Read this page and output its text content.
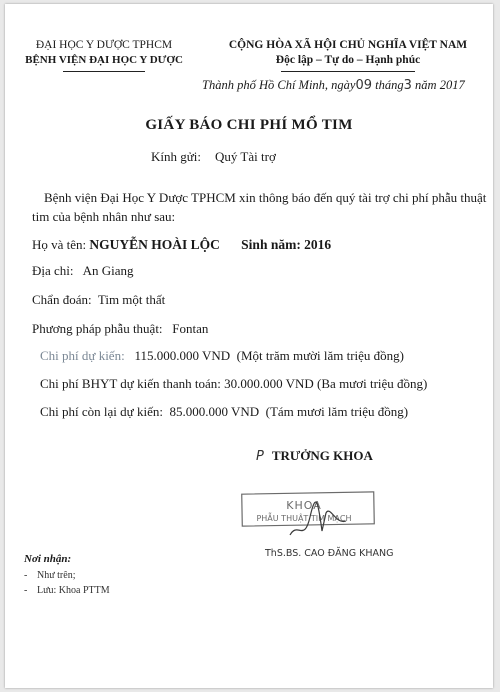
ĐẠI HỌC Y DƯỢC TPHCM
BỆNH VIỆN ĐẠI HỌC Y DƯỢC
CỘNG HÒA XÃ HỘI CHỦ NGHĨA VIỆT NAM
Độc lập – Tự do – Hạnh phúc
Thành phố Hồ Chí Minh, ngày09 tháng3 năm 2017
GIẤY BÁO CHI PHÍ MỔ TIM
Kính gửi: Quý Tài trợ
Bệnh viện Đại Học Y Dược TPHCM xin thông báo đến quý tài trợ chi phí phẫu thuật tim của bệnh nhân như sau:
Họ và tên: NGUYỄN HOÀI LỘC Sinh năm: 2016
Địa chỉ: An Giang
Chẩn đoán: Tim một thất
Phương pháp phẫu thuật: Fontan
Chi phí dự kiến: 115.000.000 VND (Một trăm mười lăm triệu đồng)
Chi phí BHYT dự kiến thanh toán: 30.000.000 VND (Ba mươi triệu đồng)
Chi phí còn lại dự kiến: 85.000.000 VND (Tám mươi lăm triệu đồng)
P TRƯỞNG KHOA
KHOA
PHẪU THUẬT TIM MẠCH
ThS.BS. CAO ĐĂNG KHANG
Nơi nhận:
- Như trên;
- Lưu: Khoa PTTM
